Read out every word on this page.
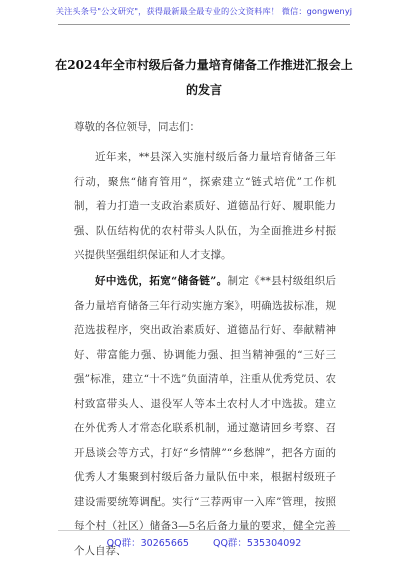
关注头条号"公文研究"，获得最新最全最专业的公文资料库！ 微信：gongwenyj
在2024年全市村级后备力量培育储备工作推进汇报会上的发言
尊敬的各位领导，同志们：

近年来，**县深入实施村级后备力量培育储备三年行动，聚焦“储育管用”，探索建立“链式培优”工作机制，着力打造一支政治素质好、道德品行好、履职能力强、队伍结构优的农村带头人队伍，为全面推进乡村振兴提供坚强组织保证和人才支撑。

好中选优，拓宽“储备链”。制定《**县村级组织后备力量培育储备三年行动实施方案》，明确选拔标准，规范选拔程序，突出政治素质好、道德品行好、奉献精神好、带富能力强、协调能力强、担当精神强的“三好三强”标准，建立“十不选”负面清单，注重从优秀党员、农村致富带头人、退役军人等本土农村人才中选拔。建立在外优秀人才常态化联系机制，通过邀请回乡考察、召开恳谈会等方式，打好“乡情牌”“乡愁牌”，把各方面的优秀人才集聚到村级后备力量队伍中来，根据村级班子建设需要统筹调配。实行“三荐两审一入库”管理，按照每个村（社区）储备3—5名后备力量的要求，健全完善个人自荐、

QQ群：30265665	QQ群：535304092
